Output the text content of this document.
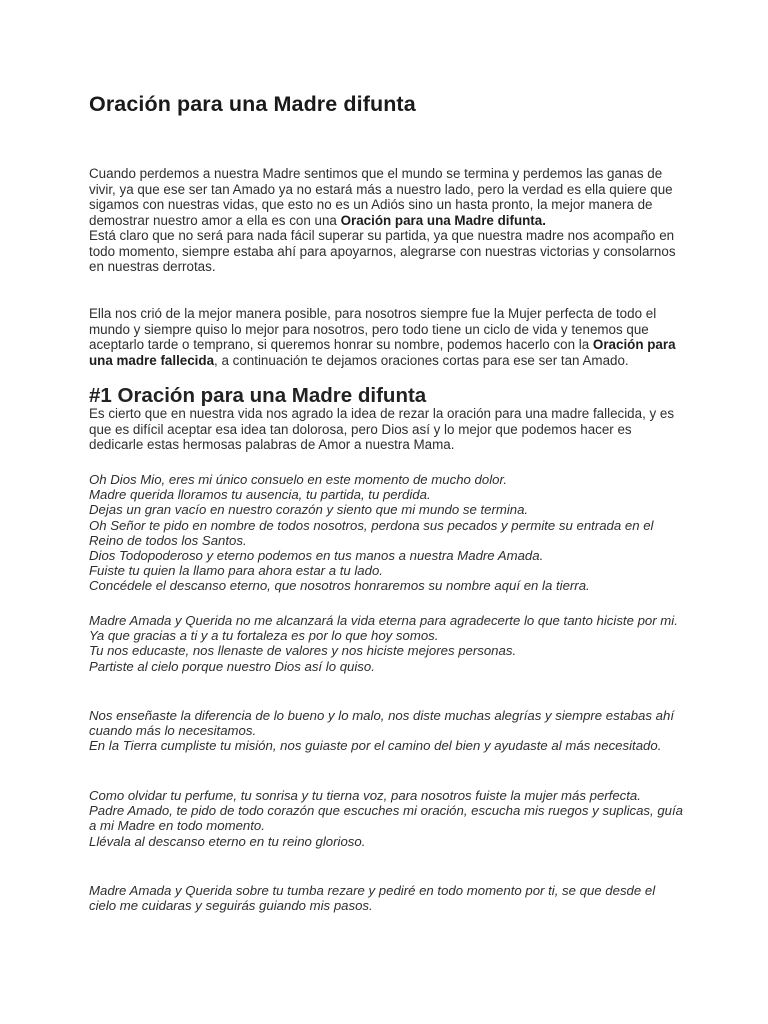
Oración para una Madre difunta

Cuando perdemos a nuestra Madre sentimos que el mundo se termina y perdemos las ganas de vivir, ya que ese ser tan Amado ya no estará más a nuestro lado, pero la verdad es ella quiere que sigamos con nuestras vidas, que esto no es un Adiós sino un hasta pronto, la mejor manera de demostrar nuestro amor a ella es con una Oración para una Madre difunta.
Está claro que no será para nada fácil superar su partida, ya que nuestra madre nos acompaño en todo momento, siempre estaba ahí para apoyarnos, alegrarse con nuestras victorias y consolarnos en nuestras derrotas.

Ella nos crió de la mejor manera posible, para nosotros siempre fue la Mujer perfecta de todo el mundo y siempre quiso lo mejor para nosotros, pero todo tiene un ciclo de vida y tenemos que aceptarlo tarde o temprano, si queremos honrar su nombre, podemos hacerlo con la Oración para una madre fallecida, a continuación te dejamos oraciones cortas para ese ser tan Amado.

#1 Oración para una Madre difunta

Es cierto que en nuestra vida nos agrado la idea de rezar la oración para una madre fallecida, y es que es difícil aceptar esa idea tan dolorosa, pero Dios así y lo mejor que podemos hacer es dedicarle estas hermosas palabras de Amor a nuestra Mama.

Oh Dios Mio, eres mi único consuelo en este momento de mucho dolor.
Madre querida lloramos tu ausencia, tu partida, tu perdida.
Dejas un gran vacío en nuestro corazón y siento que mi mundo se termina.
Oh Señor te pido en nombre de todos nosotros, perdona sus pecados y permite su entrada en el Reino de todos los Santos.
Dios Todopoderoso y eterno podemos en tus manos a nuestra Madre Amada.
Fuiste tu quien la llamo para ahora estar a tu lado.
Concédele el descanso eterno, que nosotros honraremos su nombre aquí en la tierra.

Madre Amada y Querida no me alcanzará la vida eterna para agradecerte lo que tanto hiciste por mi.
Ya que gracias a ti y a tu fortaleza es por lo que hoy somos.
Tu nos educaste, nos llenaste de valores y nos hiciste mejores personas.
Partiste al cielo porque nuestro Dios así lo quiso.

Nos enseñaste la diferencia de lo bueno y lo malo, nos diste muchas alegrías y siempre estabas ahí cuando más lo necesitamos.
En la Tierra cumpliste tu misión, nos guiaste por el camino del bien y ayudaste al más necesitado.

Como olvidar tu perfume, tu sonrisa y tu tierna voz, para nosotros fuiste la mujer más perfecta.
Padre Amado, te pido de todo corazón que escuches mi oración, escucha mis ruegos y suplicas, guía a mi Madre en todo momento.
Llévala al descanso eterno en tu reino glorioso.

Madre Amada y Querida sobre tu tumba rezare y pediré en todo momento por ti, se que desde el cielo me cuidaras y seguirás guiando mis pasos.
